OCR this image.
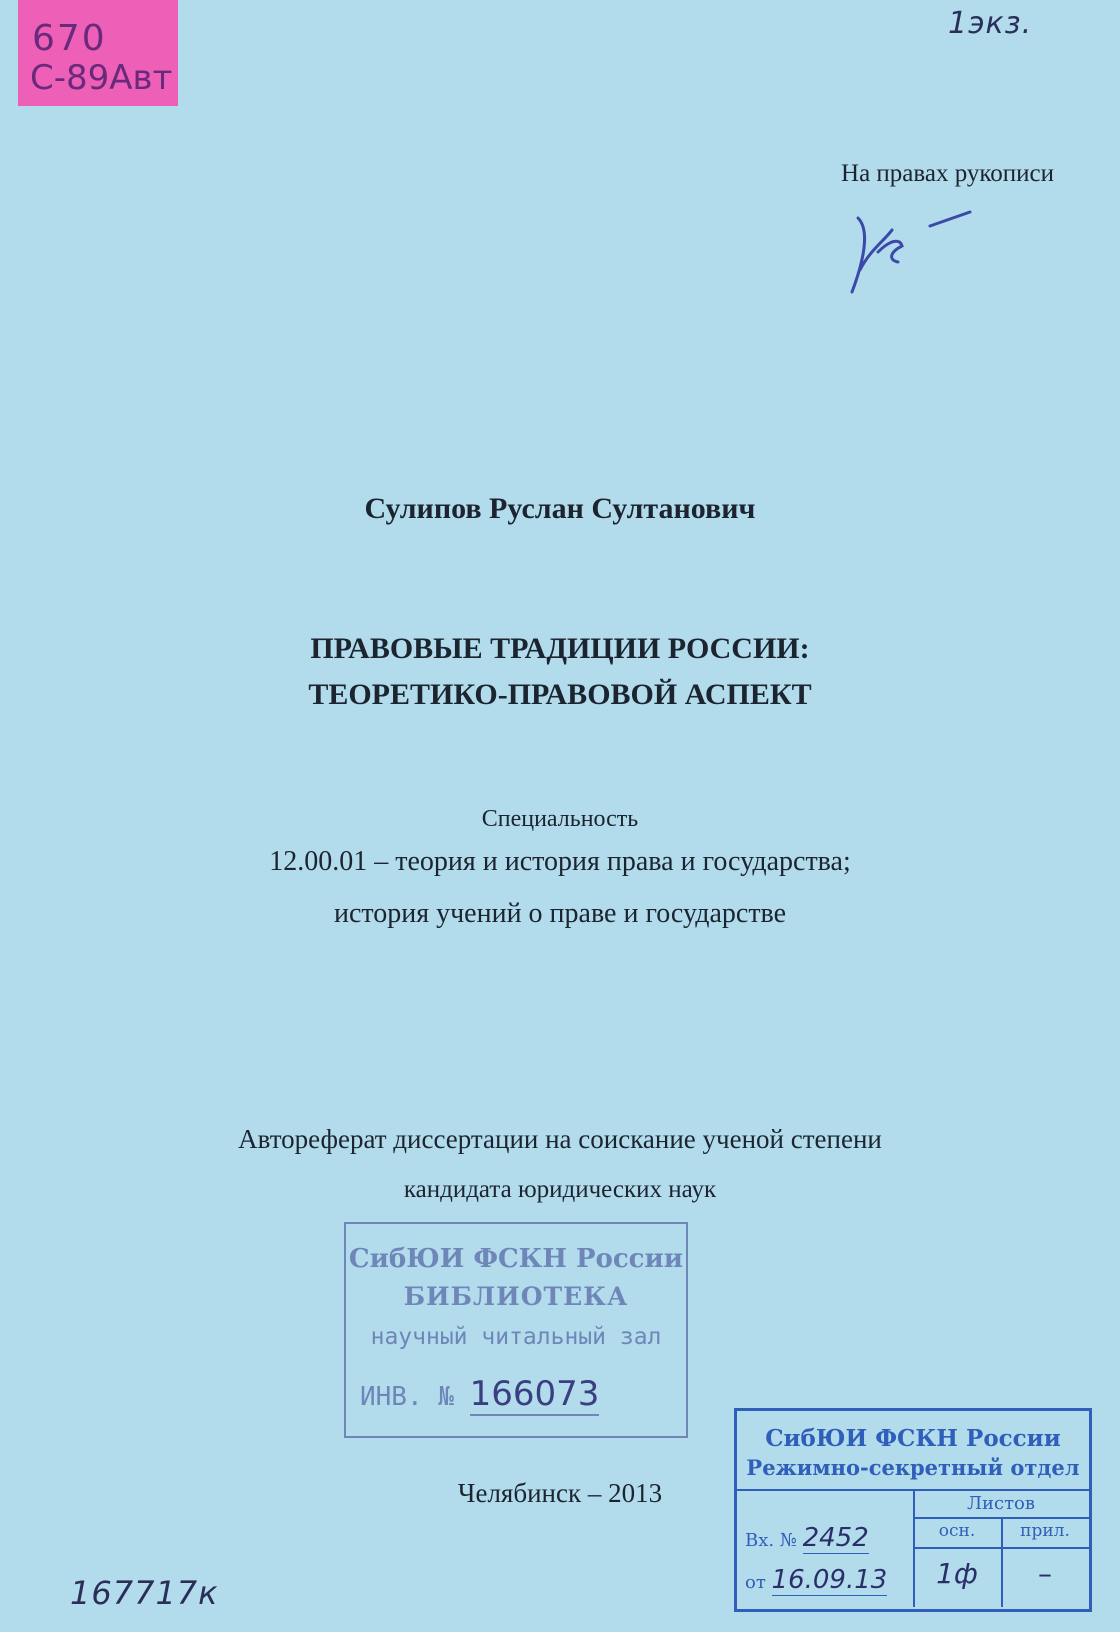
670
С-89Авт
1экз.
На правах рукописи
Сулипов Руслан Султанович
ПРАВОВЫЕ ТРАДИЦИИ РОССИИ:
ТЕОРЕТИКО-ПРАВОВОЙ АСПЕКТ
Специальность
12.00.01 – теория и история права и государства;
история учений о праве и государстве
Автореферат диссертации на соискание ученой степени
кандидата юридических наук
СибЮИ ФСКН России
БИБЛИОТЕКА
научный читальный зал
ИНВ. № 166073
Челябинск – 2013
СибЮИ ФСКН России
Режимно-секретный отдел
Листов
осн.	прил.
Вх. № 2452
от 16.09.13	1ф	–
167717к
